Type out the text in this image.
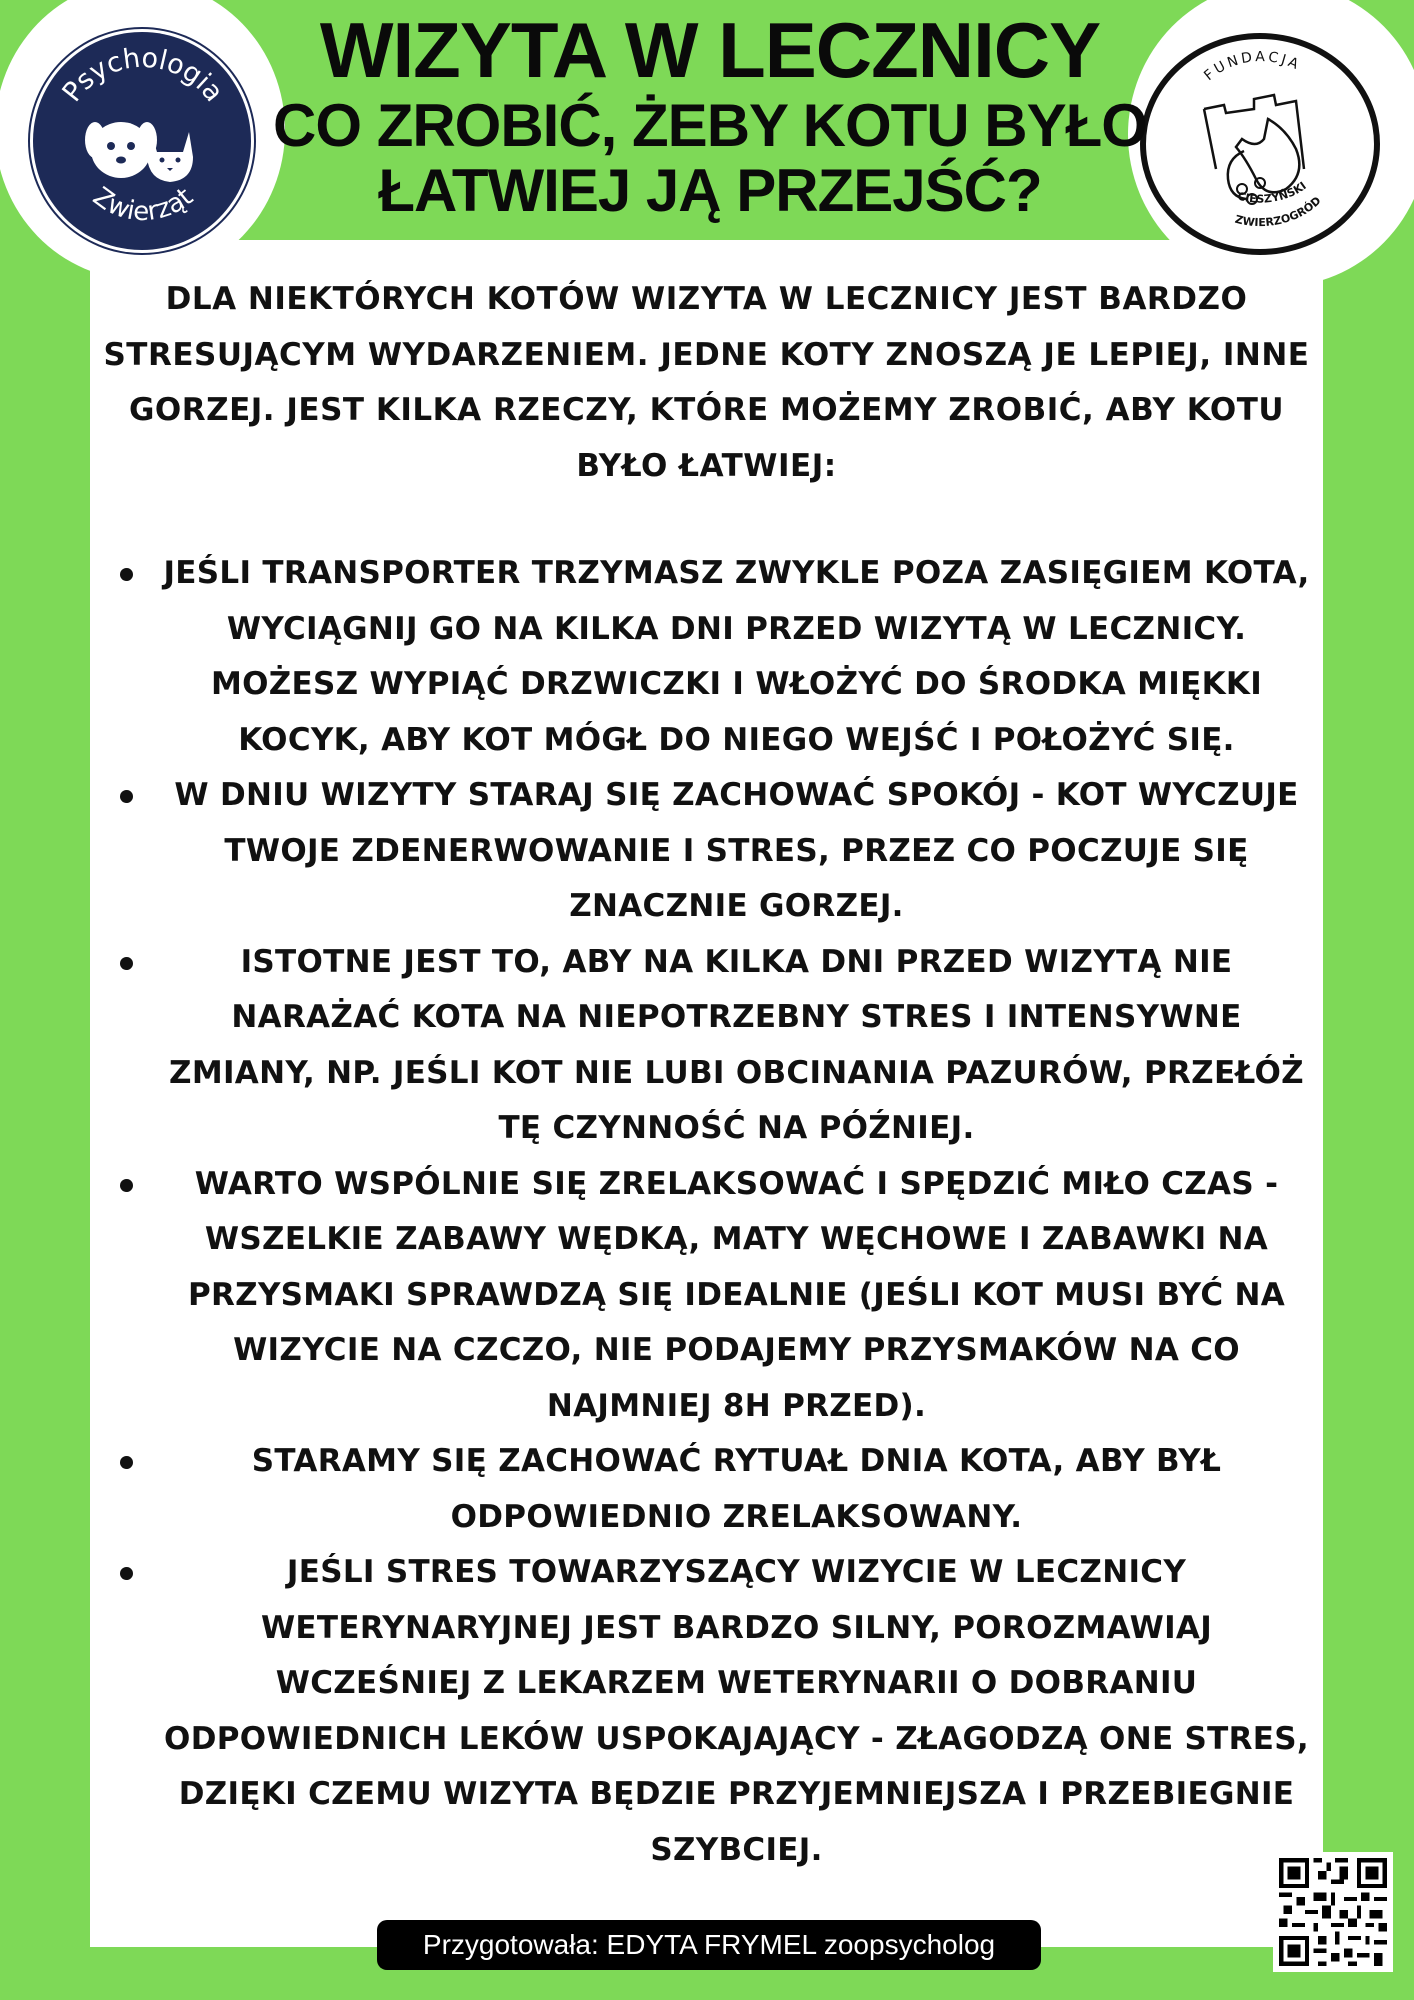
Psychologia
Zwierząt
FUNDACJA
CIESZYŃSKI
ZWIERZOGRÓD
WIZYTA W LECZNICY
CO ZROBIĆ, ŻEBY KOTU BYŁO
ŁATWIEJ JĄ PRZEJŚĆ?
DLA NIEKTÓRYCH KOTÓW WIZYTA W LECZNICY JEST BARDZO
STRESUJĄCYM WYDARZENIEM. JEDNE KOTY ZNOSZĄ JE LEPIEJ, INNE
GORZEJ. JEST KILKA RZECZY, KTÓRE MOŻEMY ZROBIĆ, ABY KOTU
BYŁO ŁATWIEJ:
JEŚLI TRANSPORTER TRZYMASZ ZWYKLE POZA ZASIĘGIEM KOTA,
WYCIĄGNIJ GO NA KILKA DNI PRZED WIZYTĄ W LECZNICY.
MOŻESZ WYPIĄĆ DRZWICZKI I WŁOŻYĆ DO ŚRODKA MIĘKKI
KOCYK, ABY KOT MÓGŁ DO NIEGO WEJŚĆ I POŁOŻYĆ SIĘ.
W DNIU WIZYTY STARAJ SIĘ ZACHOWAĆ SPOKÓJ - KOT WYCZUJE
TWOJE ZDENERWOWANIE I STRES, PRZEZ CO POCZUJE SIĘ
ZNACZNIE GORZEJ.
ISTOTNE JEST TO, ABY NA KILKA DNI PRZED WIZYTĄ NIE
NARAŻAĆ KOTA NA NIEPOTRZEBNY STRES I INTENSYWNE
ZMIANY, NP. JEŚLI KOT NIE LUBI OBCINANIA PAZURÓW, PRZEŁÓŻ
TĘ CZYNNOŚĆ NA PÓŹNIEJ.
WARTO WSPÓLNIE SIĘ ZRELAKSOWAĆ I SPĘDZIĆ MIŁO CZAS -
WSZELKIE ZABAWY WĘDKĄ, MATY WĘCHOWE I ZABAWKI NA
PRZYSMAKI SPRAWDZĄ SIĘ IDEALNIE (JEŚLI KOT MUSI BYĆ NA
WIZYCIE NA CZCZO, NIE PODAJEMY PRZYSMAKÓW NA CO
NAJMNIEJ 8H PRZED).
STARAMY SIĘ ZACHOWAĆ RYTUAŁ DNIA KOTA, ABY BYŁ
ODPOWIEDNIO ZRELAKSOWANY.
JEŚLI STRES TOWARZYSZĄCY WIZYCIE W LECZNICY
WETERYNARYJNEJ JEST BARDZO SILNY, POROZMAWIAJ
WCZEŚNIEJ Z LEKARZEM WETERYNARII O DOBRANIU
ODPOWIEDNICH LEKÓW USPOKAJAJĄCY - ZŁAGODZĄ ONE STRES,
DZIĘKI CZEMU WIZYTA BĘDZIE PRZYJEMNIEJSZA I PRZEBIEGNIE
SZYBCIEJ.
Przygotowała: EDYTA FRYMEL zoopsycholog
